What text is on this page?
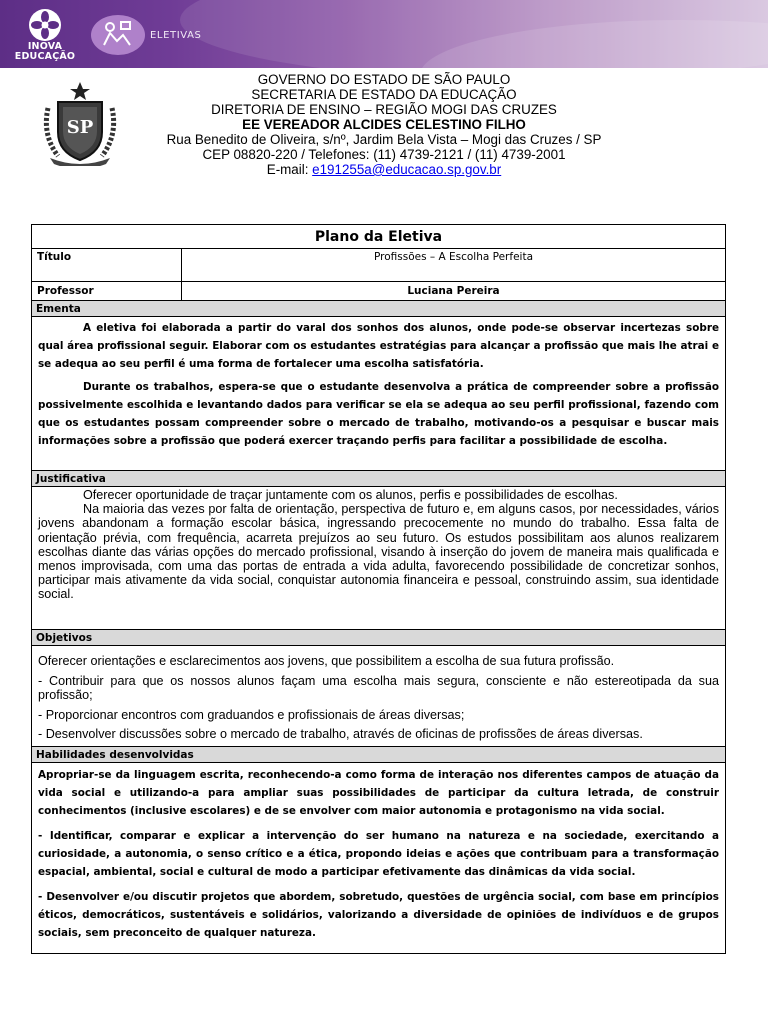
INOVA
EDUCAÇÃO
ELETIVAS
SP
GOVERNO DO ESTADO DE SÃO PAULO
SECRETARIA DE ESTADO DA EDUCAÇÃO
DIRETORIA DE ENSINO – REGIÃO MOGI DAS CRUZES
EE VEREADOR ALCIDES CELESTINO FILHO
Rua Benedito de Oliveira, s/nº, Jardim Bela Vista – Mogi das Cruzes / SP
CEP 08820-220 / Telefones: (11) 4739-2121 / (11) 4739-2001
E-mail: e191255a@educacao.sp.gov.br
Plano da Eletiva
Título	Profissões – A Escolha Perfeita
Professor	Luciana Pereira
Ementa

A eletiva foi elaborada a partir do varal dos sonhos dos alunos, onde pode-se observar incertezas sobre qual área profissional seguir. Elaborar com os estudantes estratégias para alcançar a profissão que mais lhe atrai e se adequa ao seu perfil é uma forma de fortalecer uma escolha satisfatória.

Durante os trabalhos, espera-se que o estudante desenvolva a prática de compreender sobre a profissão possivelmente escolhida e levantando dados para verificar se ela se adequa ao seu perfil profissional, fazendo com que os estudantes possam compreender sobre o mercado de trabalho, motivando-os a pesquisar e buscar mais informações sobre a profissão que poderá exercer traçando perfis para facilitar a possibilidade de escolha.

Justificativa

Oferecer oportunidade de traçar juntamente com os alunos, perfis e possibilidades de escolhas.

Na maioria das vezes por falta de orientação, perspectiva de futuro e, em alguns casos, por necessidades, vários jovens abandonam a formação escolar básica, ingressando precocemente no mundo do trabalho. Essa falta de orientação prévia, com frequência, acarreta prejuízos ao seu futuro. Os estudos possibilitam aos alunos realizarem escolhas diante das várias opções do mercado profissional, visando à inserção do jovem de maneira mais qualificada e menos improvisada, com uma das portas de entrada a vida adulta, favorecendo possibilidade de concretizar sonhos, participar mais ativamente da vida social, conquistar autonomia financeira e pessoal, construindo assim, sua identidade social.

Objetivos

Oferecer orientações e esclarecimentos aos jovens, que possibilitem a escolha de sua futura profissão.

- Contribuir para que os nossos alunos façam uma escolha mais segura, consciente e não estereotipada da sua profissão;

- Proporcionar encontros com graduandos e profissionais de áreas diversas;

- Desenvolver discussões sobre o mercado de trabalho, através de oficinas de profissões de áreas diversas.

Habilidades desenvolvidas

Apropriar-se da linguagem escrita, reconhecendo-a como forma de interação nos diferentes campos de atuação da vida social e utilizando-a para ampliar suas possibilidades de participar da cultura letrada, de construir conhecimentos (inclusive escolares) e de se envolver com maior autonomia e protagonismo na vida social.

- Identificar, comparar e explicar a intervenção do ser humano na natureza e na sociedade, exercitando a curiosidade, a autonomia, o senso crítico e a ética, propondo ideias e ações que contribuam para a transformação espacial, ambiental, social e cultural de modo a participar efetivamente das dinâmicas da vida social.

- Desenvolver e/ou discutir projetos que abordem, sobretudo, questões de urgência social, com base em princípios éticos, democráticos, sustentáveis e solidários, valorizando a diversidade de opiniões de indivíduos e de grupos sociais, sem preconceito de qualquer natureza.
